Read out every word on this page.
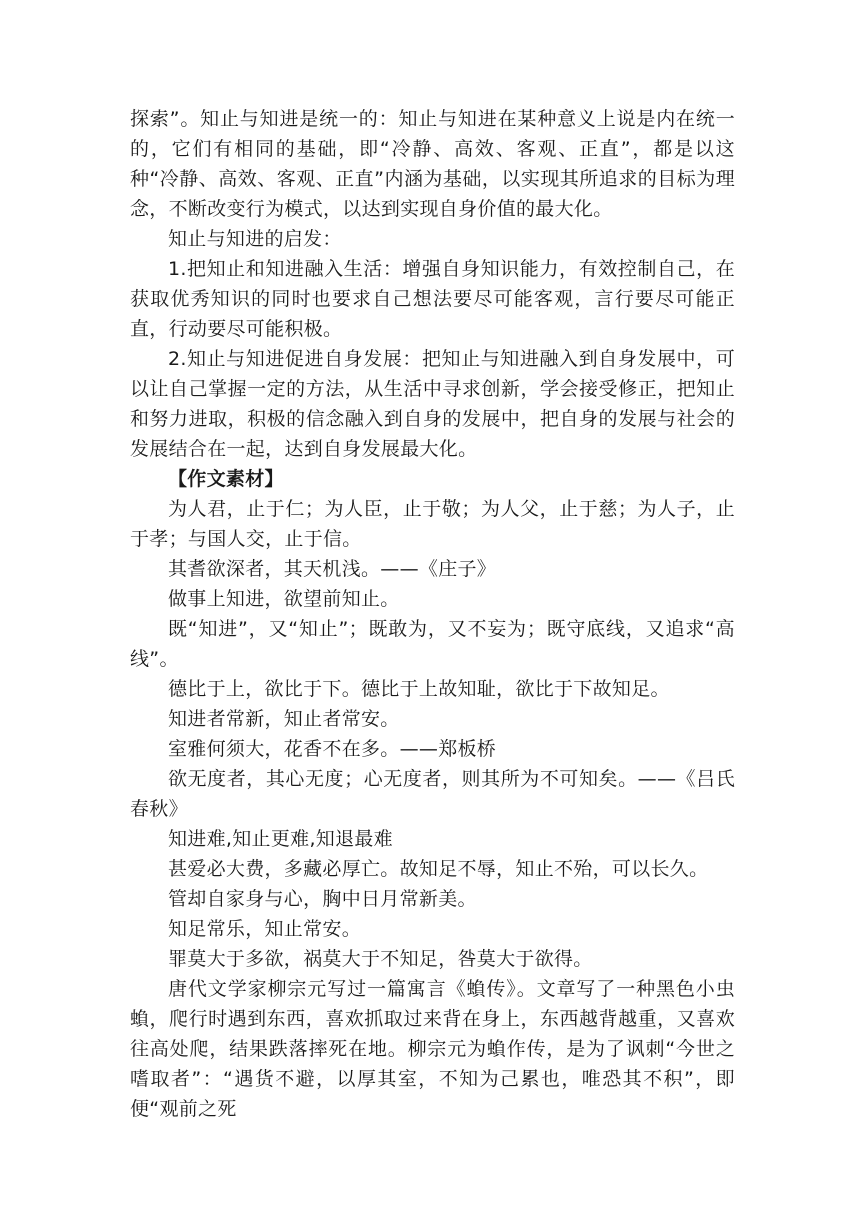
探索”。知止与知进是统一的：知止与知进在某种意义上说是内在统一的，它们有相同的基础，即“冷静、高效、客观、正直”，都是以这种“冷静、高效、客观、正直”内涵为基础，以实现其所追求的目标为理念，不断改变行为模式，以达到实现自身价值的最大化。

知止与知进的启发：

1.把知止和知进融入生活：增强自身知识能力，有效控制自己，在获取优秀知识的同时也要求自己想法要尽可能客观，言行要尽可能正直，行动要尽可能积极。

2.知止与知进促进自身发展：把知止与知进融入到自身发展中，可以让自己掌握一定的方法，从生活中寻求创新，学会接受修正，把知止和努力进取，积极的信念融入到自身的发展中，把自身的发展与社会的发展结合在一起，达到自身发展最大化。

【作文素材】

为人君，止于仁；为人臣，止于敬；为人父，止于慈；为人子，止于孝；与国人交，止于信。

其耆欲深者，其天机浅。——《庄子》

做事上知进，欲望前知止。

既“知进”，又“知止”；既敢为，又不妄为；既守底线，又追求“高线”。

德比于上，欲比于下。德比于上故知耻，欲比于下故知足。

知进者常新，知止者常安。

室雅何须大，花香不在多。——郑板桥

欲无度者，其心无度；心无度者，则其所为不可知矣。——《吕氏春秋》

知进难,知止更难,知退最难

甚爱必大费，多藏必厚亡。故知足不辱，知止不殆，可以长久。

管却自家身与心，胸中日月常新美。

知足常乐，知止常安。

罪莫大于多欲，祸莫大于不知足，咎莫大于欲得。

唐代文学家柳宗元写过一篇寓言《蝜传》。文章写了一种黑色小虫蝜，爬行时遇到东西，喜欢抓取过来背在身上，东西越背越重，又喜欢往高处爬，结果跌落摔死在地。柳宗元为蝜作传，是为了讽刺“今世之嗜取者”：“遇货不避，以厚其室，不知为己累也，唯恐其不积”，即便“观前之死
